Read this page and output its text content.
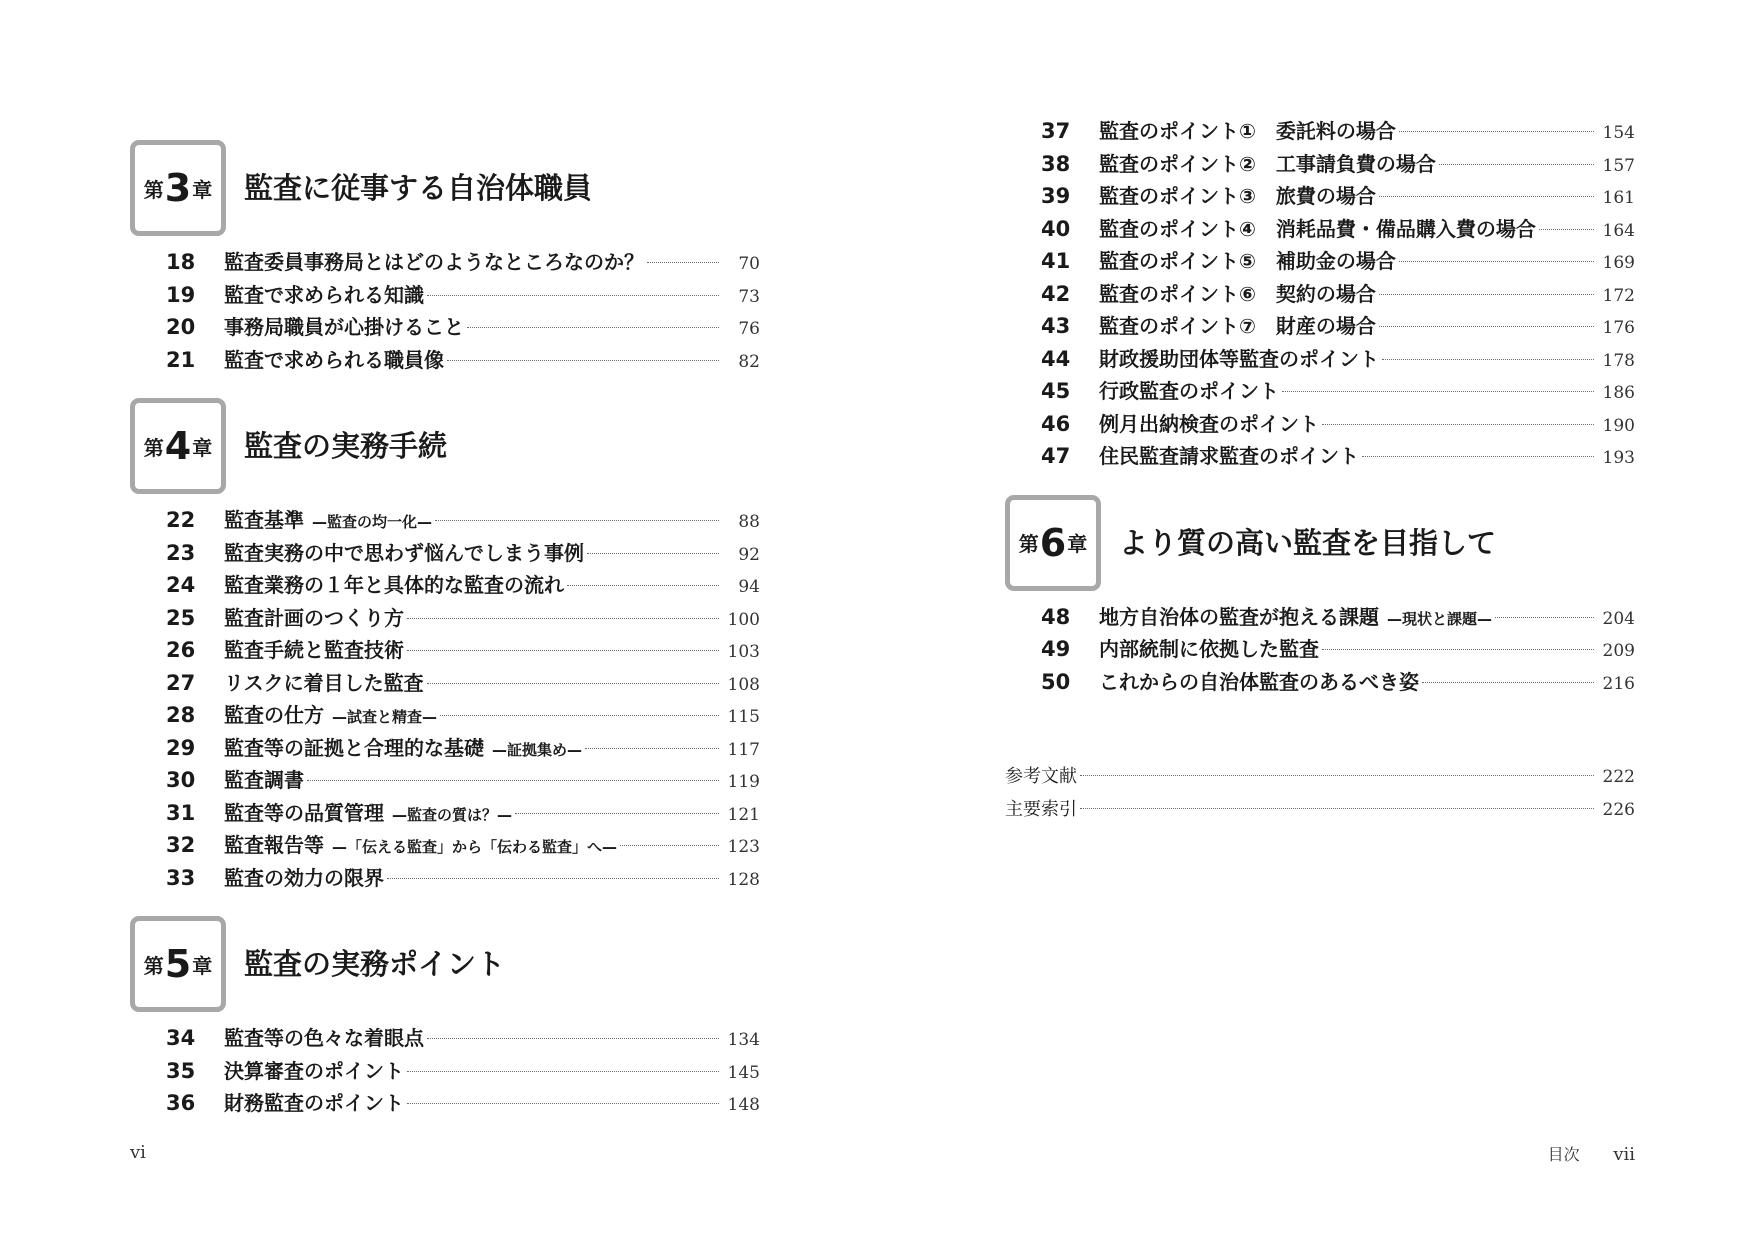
第 3 章 監査に従事する自治体職員
18	監査委員事務局とはどのようなところなのか？	70
19	監査で求められる知識	73
20	事務局職員が心掛けること	76
21	監査で求められる職員像	82
第 4 章 監査の実務手続
22	監査基準 —監査の均一化—	88
23	監査実務の中で思わず悩んでしまう事例	92
24	監査業務の１年と具体的な監査の流れ	94
25	監査計画のつくり方	100
26	監査手続と監査技術	103
27	リスクに着目した監査	108
28	監査の仕方 —試査と精査—	115
29	監査等の証拠と合理的な基礎 —証拠集め—	117
30	監査調書	119
31	監査等の品質管理 —監査の質は？—	121
32	監査報告等 —「伝える監査」から「伝わる監査」へ—	123
33	監査の効力の限界	128
第 5 章 監査の実務ポイント
34	監査等の色々な着眼点	134
35	決算審査のポイント	145
36	財務監査のポイント	148
37	監査のポイント①　委託料の場合	154
38	監査のポイント②　工事請負費の場合	157
39	監査のポイント③　旅費の場合	161
40	監査のポイント④　消耗品費・備品購入費の場合	164
41	監査のポイント⑤　補助金の場合	169
42	監査のポイント⑥　契約の場合	172
43	監査のポイント⑦　財産の場合	176
44	財政援助団体等監査のポイント	178
45	行政監査のポイント	186
46	例月出納検査のポイント	190
47	住民監査請求監査のポイント	193
第 6 章 より質の高い監査を目指して
48	地方自治体の監査が抱える課題 —現状と課題—	204
49	内部統制に依拠した監査	209
50	これからの自治体監査のあるべき姿	216
参考文献	222
主要索引	226
vi	目次 vii
